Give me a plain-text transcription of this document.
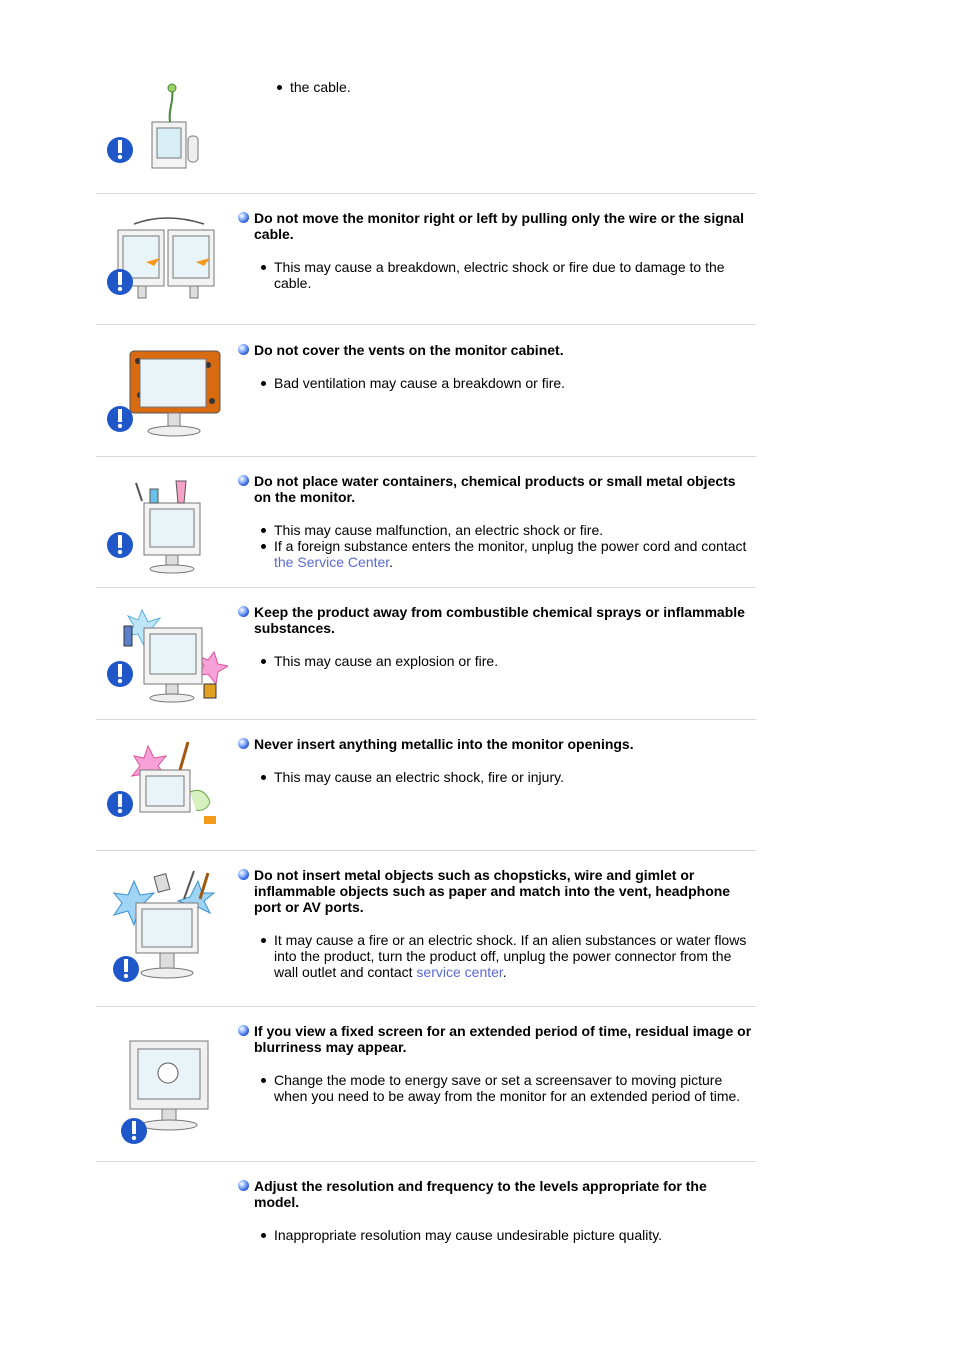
the cable.
Do not move the monitor right or left by pulling only the wire or the signal cable.
This may cause a breakdown, electric shock or fire due to damage to the cable.
Do not cover the vents on the monitor cabinet.
Bad ventilation may cause a breakdown or fire.
Do not place water containers, chemical products or small metal objects on the monitor.
This may cause malfunction, an electric shock or fire.
If a foreign substance enters the monitor, unplug the power cord and contact the Service Center.
Keep the product away from combustible chemical sprays or inflammable substances.
This may cause an explosion or fire.
Never insert anything metallic into the monitor openings.
This may cause an electric shock, fire or injury.
Do not insert metal objects such as chopsticks, wire and gimlet or inflammable objects such as paper and match into the vent, headphone port or AV ports.
It may cause a fire or an electric shock. If an alien substances or water flows into the product, turn the product off, unplug the power connector from the wall outlet and contact service center.
If you view a fixed screen for an extended period of time, residual image or blurriness may appear.
Change the mode to energy save or set a screensaver to moving picture when you need to be away from the monitor for an extended period of time.
Adjust the resolution and frequency to the levels appropriate for the model.
Inappropriate resolution may cause undesirable picture quality.
